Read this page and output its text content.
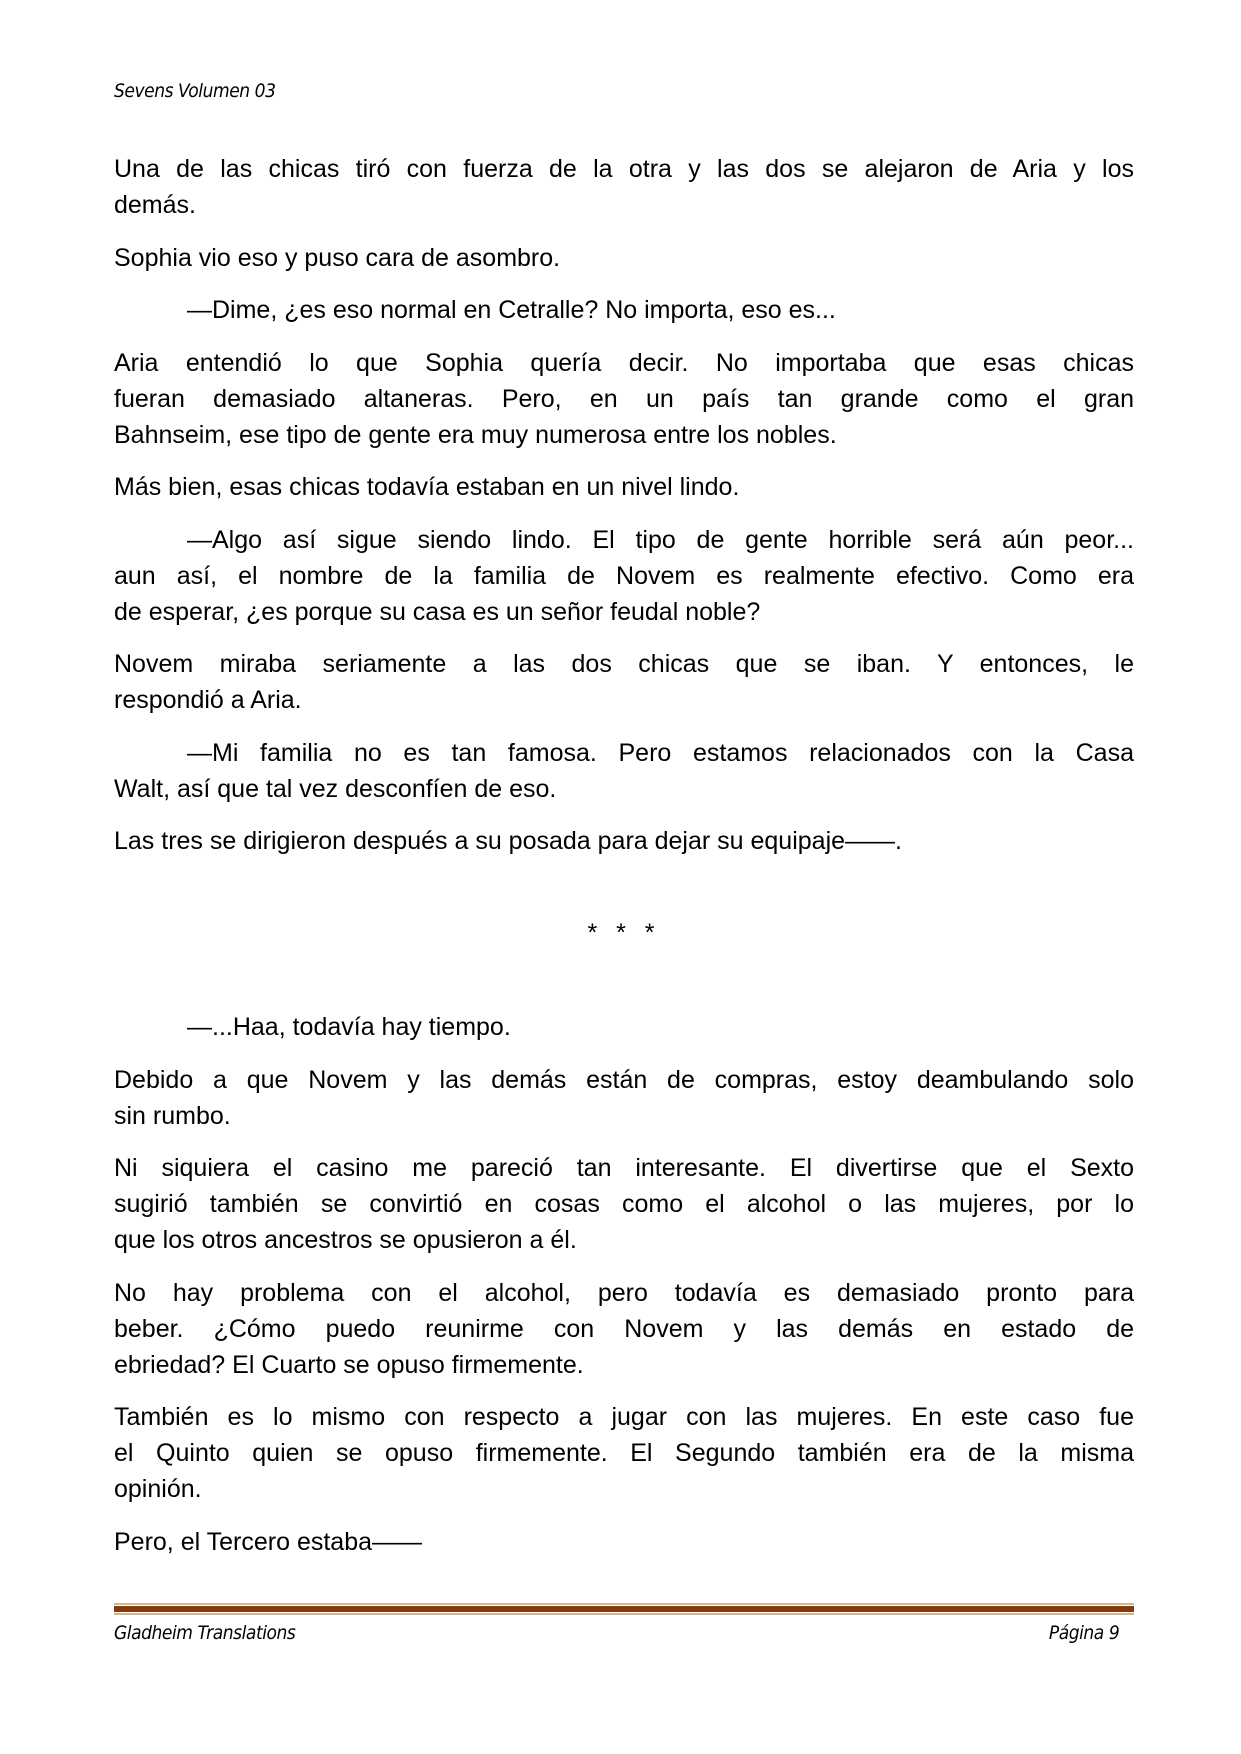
Sevens Volumen 03
Una de las chicas tiró con fuerza de la otra y las dos se alejaron de Aria y los
demás.
Sophia vio eso y puso cara de asombro.
—Dime, ¿es eso normal en Cetralle? No importa, eso es...
Aria entendió lo que Sophia quería decir. No importaba que esas chicas
fueran demasiado altaneras. Pero, en un país tan grande como el gran
Bahnseim, ese tipo de gente era muy numerosa entre los nobles.
Más bien, esas chicas todavía estaban en un nivel lindo.
—Algo así sigue siendo lindo. El tipo de gente horrible será aún peor...
aun así, el nombre de la familia de Novem es realmente efectivo. Como era
de esperar, ¿es porque su casa es un señor feudal noble?
Novem miraba seriamente a las dos chicas que se iban. Y entonces, le
respondió a Aria.
—Mi familia no es tan famosa. Pero estamos relacionados con la Casa
Walt, así que tal vez desconfíen de eso.
Las tres se dirigieron después a su posada para dejar su equipaje——.
* * *
—...Haa, todavía hay tiempo.
Debido a que Novem y las demás están de compras, estoy deambulando solo
sin rumbo.
Ni siquiera el casino me pareció tan interesante. El divertirse que el Sexto
sugirió también se convirtió en cosas como el alcohol o las mujeres, por lo
que los otros ancestros se opusieron a él.
No hay problema con el alcohol, pero todavía es demasiado pronto para
beber. ¿Cómo puedo reunirme con Novem y las demás en estado de
ebriedad? El Cuarto se opuso firmemente.
También es lo mismo con respecto a jugar con las mujeres. En este caso fue
el Quinto quien se opuso firmemente. El Segundo también era de la misma
opinión.
Pero, el Tercero estaba——
Gladheim Translations	Página 9
